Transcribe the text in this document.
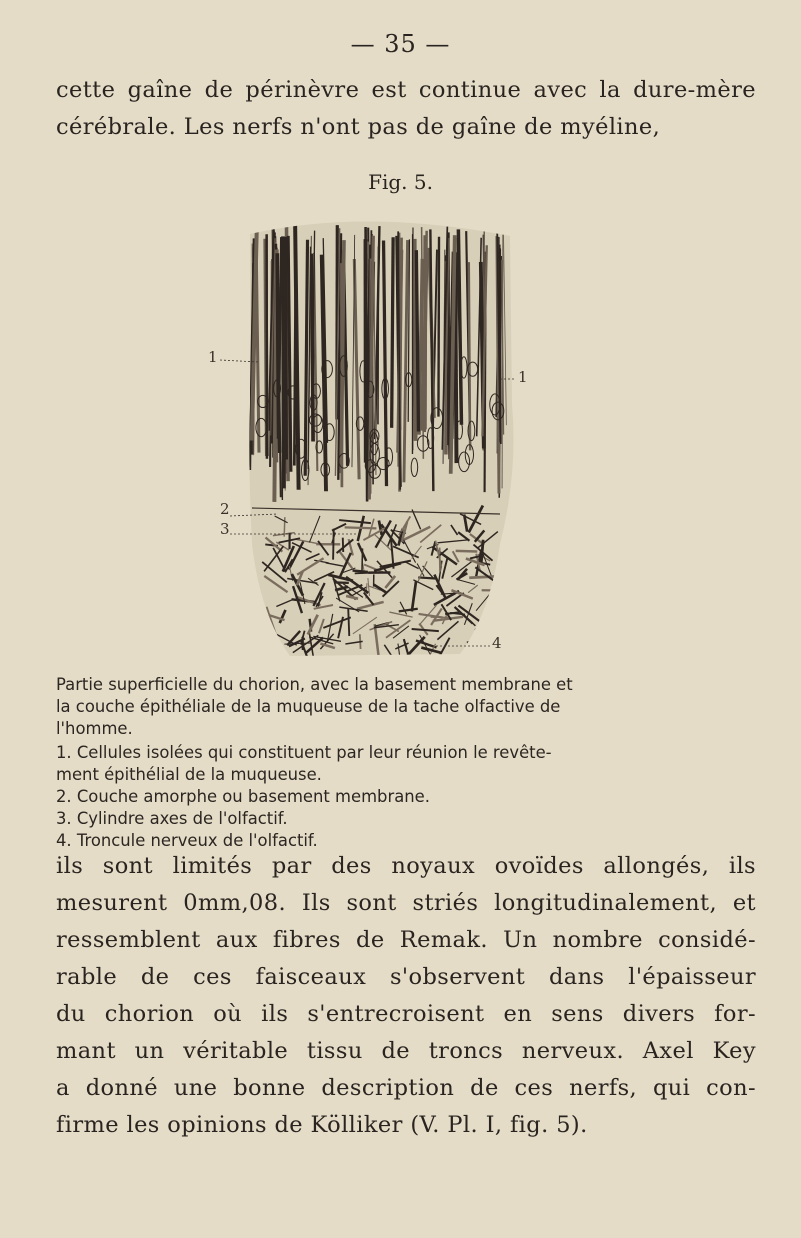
— 35 —
cette gaîne de périnèvre est continue avec la dure-mère
cérébrale. Les nerfs n'ont pas de gaîne de myéline,
Fig. 5.
1
1
2
3
4

Partie superficielle du chorion, avec la basement membrane et
la couche épithéliale de la muqueuse de la tache olfactive de
l'homme.

1. Cellules isolées qui constituent par leur réunion le revête-
ment épithélial de la muqueuse.
2. Couche amorphe ou basement membrane.
3. Cylindre axes de l'olfactif.
4. Troncule nerveux de l'olfactif.
ils sont limités par des noyaux ovoïdes allongés, ils
mesurent 0mm,08. Ils sont striés longitudinalement, et
ressemblent aux fibres de Remak. Un nombre considé-
rable de ces faisceaux s'observent dans l'épaisseur
du chorion où ils s'entrecroisent en sens divers for-
mant un véritable tissu de troncs nerveux. Axel Key
a donné une bonne description de ces nerfs, qui con-
firme les opinions de Kölliker (V. Pl. I, fig. 5).
